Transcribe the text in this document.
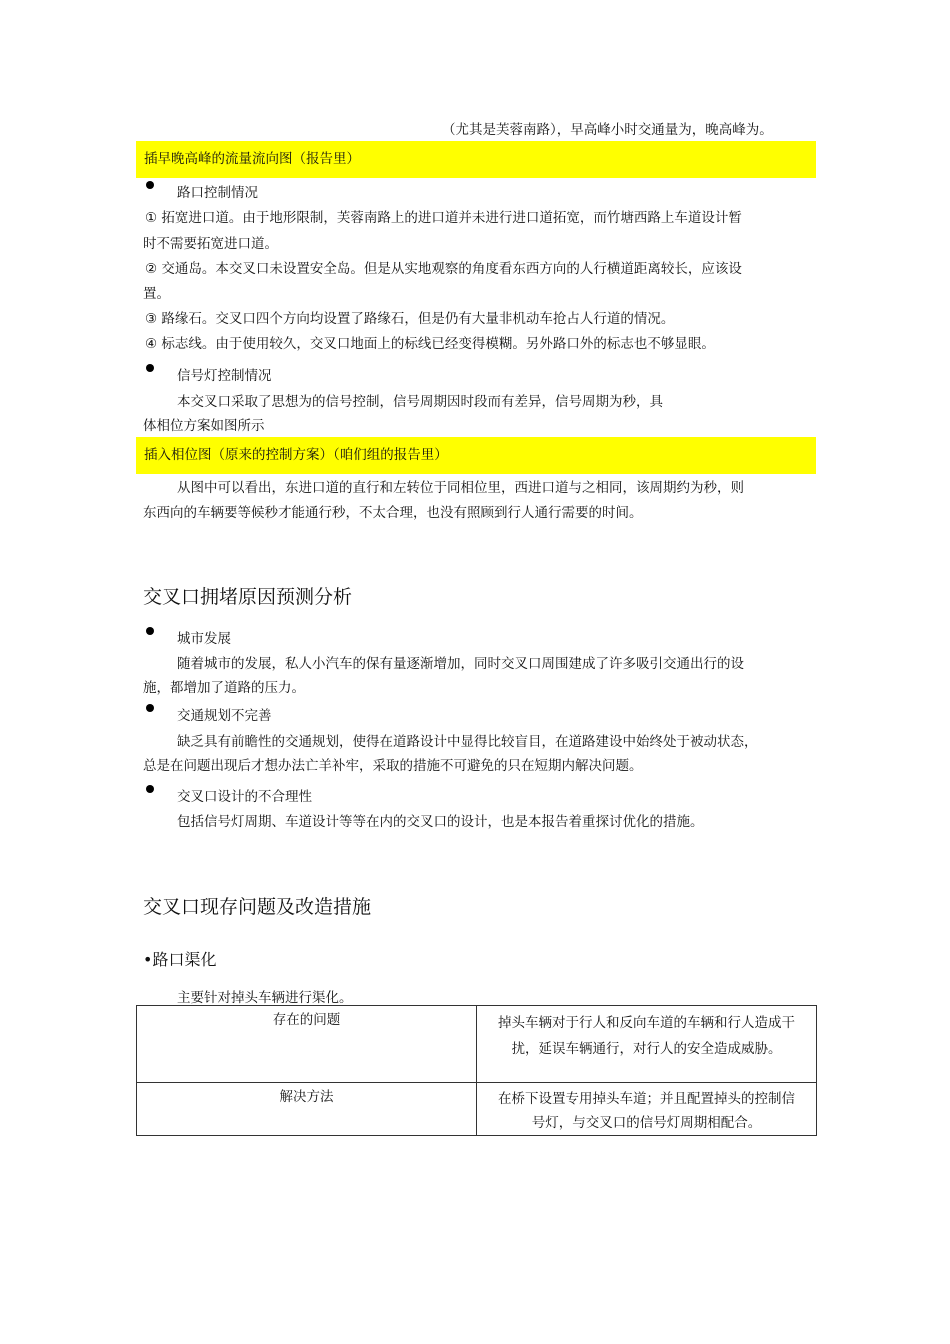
（尤其是芙蓉南路），早高峰小时交通量为，晚高峰为。
插早晚高峰的流量流向图（报告里）
路口控制情况
① 拓宽进口道。由于地形限制，芙蓉南路上的进口道并未进行进口道拓宽，而竹塘西路上车道设计暂
时不需要拓宽进口道。
② 交通岛。本交叉口未设置安全岛。但是从实地观察的角度看东西方向的人行横道距离较长，应该设
置。
③ 路缘石。交叉口四个方向均设置了路缘石，但是仍有大量非机动车抢占人行道的情况。
④ 标志线。由于使用较久，交叉口地面上的标线已经变得模糊。另外路口外的标志也不够显眼。
信号灯控制情况
本交叉口采取了思想为的信号控制，信号周期因时段而有差异，信号周期为秒，具
体相位方案如图所示
插入相位图（原来的控制方案）（咱们组的报告里）
从图中可以看出，东进口道的直行和左转位于同相位里，西进口道与之相同，该周期约为秒，则
东西向的车辆要等候秒才能通行秒，不太合理，也没有照顾到行人通行需要的时间。
交叉口拥堵原因预测分析
城市发展
随着城市的发展，私人小汽车的保有量逐渐增加，同时交叉口周围建成了许多吸引交通出行的设
施，都增加了道路的压力。
交通规划不完善
缺乏具有前瞻性的交通规划，使得在道路设计中显得比较盲目，在道路建设中始终处于被动状态，
总是在问题出现后才想办法亡羊补牢，采取的措施不可避免的只在短期内解决问题。
交叉口设计的不合理性
包括信号灯周期、车道设计等等在内的交叉口的设计，也是本报告着重探讨优化的措施。
交叉口现存问题及改造措施
•路口渠化
主要针对掉头车辆进行渠化。
存在的问题	掉头车辆对于行人和反向车道的车辆和行人造成干
扰，延误车辆通行，对行人的安全造成威胁。

解决方法	在桥下设置专用掉头车道；并且配置掉头的控制信
号灯，与交叉口的信号灯周期相配合。
